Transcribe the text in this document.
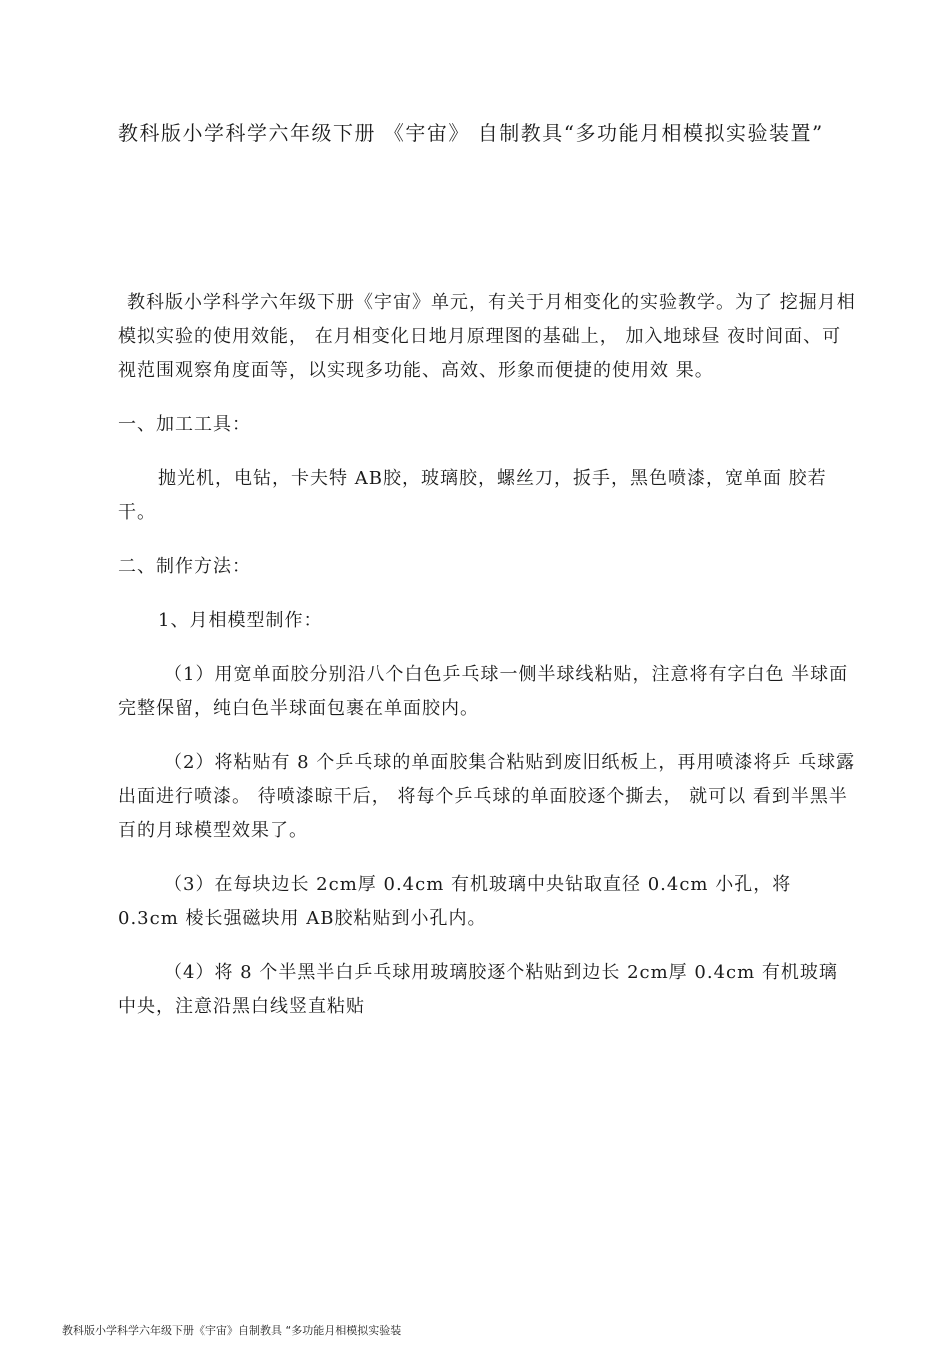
教科版小学科学六年级下册 《宇宙》 自制教具“多功能月相模拟实验装置”

教科版小学科学六年级下册《宇宙》单元，有关于月相变化的实验教学。为了 挖掘月相模拟实验的使用效能， 在月相变化日地月原理图的基础上， 加入地球昼 夜时间面、可视范围观察角度面等，以实现多功能、高效、形象而便捷的使用效 果。

一、加工工具：

抛光机，电钻，卡夫特 AB胶，玻璃胶，螺丝刀，扳手，黑色喷漆，宽单面 胶若干。

二、制作方法：

1、月相模型制作：

（1）用宽单面胶分别沿八个白色乒乓球一侧半球线粘贴，注意将有字白色 半球面完整保留，纯白色半球面包裹在单面胶内。

（2）将粘贴有 8 个乒乓球的单面胶集合粘贴到废旧纸板上，再用喷漆将乒 乓球露出面进行喷漆。 待喷漆晾干后， 将每个乒乓球的单面胶逐个撕去， 就可以 看到半黑半百的月球模型效果了。

（3）在每块边长 2cm厚 0.4cm 有机玻璃中央钻取直径 0.4cm 小孔，将 0.3cm 棱长强磁块用 AB胶粘贴到小孔内。

（4）将 8 个半黑半白乒乓球用玻璃胶逐个粘贴到边长 2cm厚 0.4cm 有机玻璃中央，注意沿黑白线竖直粘贴

教科版小学科学六年级下册《宇宙》自制教具 “多功能月相模拟实验装
